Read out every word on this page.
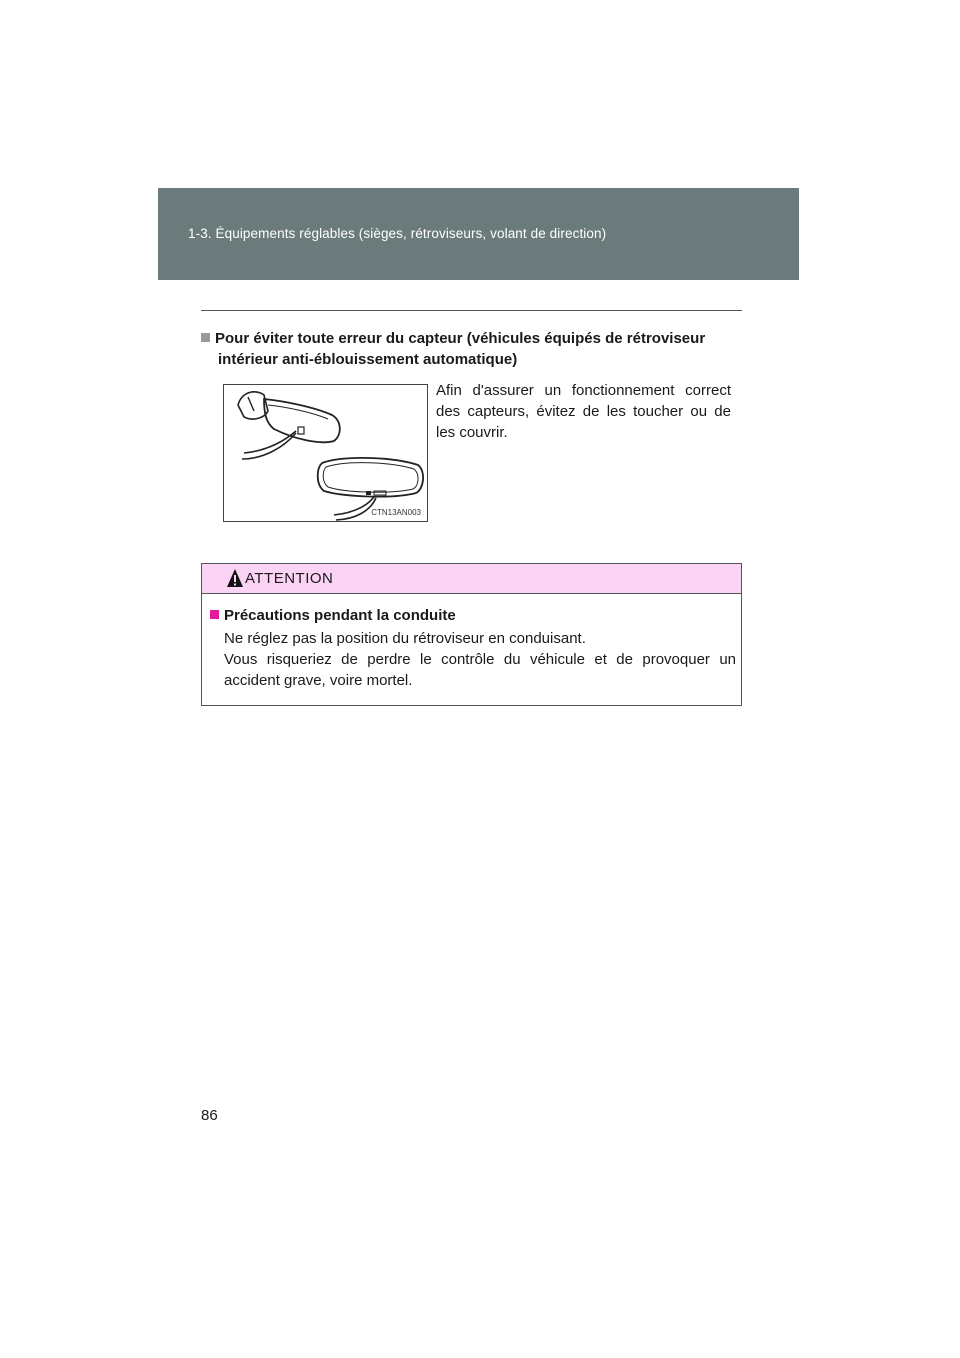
1-3. Équipements réglables (sièges, rétroviseurs, volant de direction)
Pour éviter toute erreur du capteur (véhicules équipés de rétroviseur
intérieur anti-éblouissement automatique)
CTN13AN003
Afin d'assurer un fonctionnement correct des capteurs, évitez de les toucher ou de les couvrir.
ATTENTION
Précautions pendant la conduite

Ne réglez pas la position du rétroviseur en conduisant.

Vous risqueriez de perdre le contrôle du véhicule et de provoquer un accident grave, voire mortel.

86
